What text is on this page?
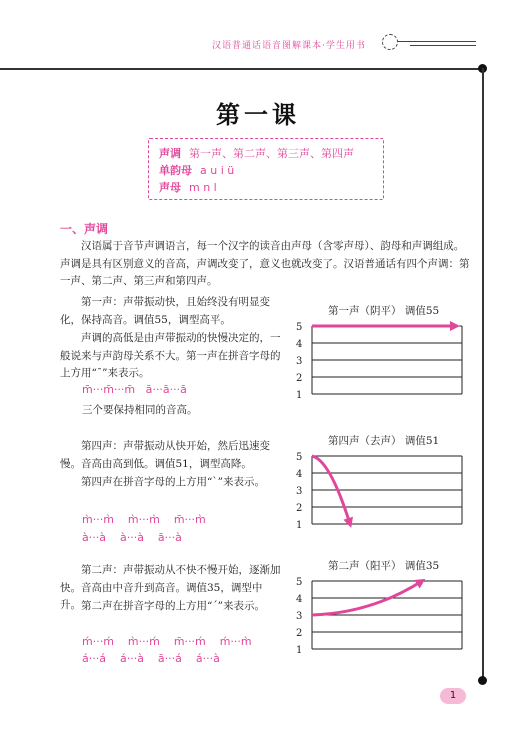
汉语普通话语音图解课本·学生用书
第一课
声调 第一声、第二声、第三声、第四声
单韵母 a u i ü
声母 m n l
一、声调
汉语属于音节声调语言，每一个汉字的读音由声母（含零声母）、韵母和声调组成。声调是具有区别意义的音高，声调改变了，意义也就改变了。汉语普通话有四个声调：第一声、第二声、第三声和第四声。
第一声：声带振动快，且始终没有明显变化，保持高音。调值55，调型高平。
声调的高低是由声带振动的快慢决定的，一般说来与声韵母关系不大。第一声在拼音字母的上方用“ˉ”来表示。
m̄···m̄···m̄   ā···ā···ā
三个要保持相同的音高。
第四声：声带振动从快开始，然后迅速变慢。音高由高到低。调值51，调型高降。
第四声在拼音字母的上方用“ˋ”来表示。
m̀···m̀    m̀···m̀    m̄···m̀
à···à    à···à    ā···à
第二声：声带振动从不快不慢开始，逐渐加快。音高由中音升到高音。调值35，调型中升。 第二声在拼音字母的上方用“ˊ”来表示。
ḿ···ḿ    m̀···ḿ    m̄···ḿ    ḿ···m̀
á···á    á···à    ā···á    á···à
第一声（阴平） 调值55
5
4
3
2
1
第四声（去声） 调值51
5
4
3
2
1
第二声（阳平） 调值35
5
4
3
2
1
1
